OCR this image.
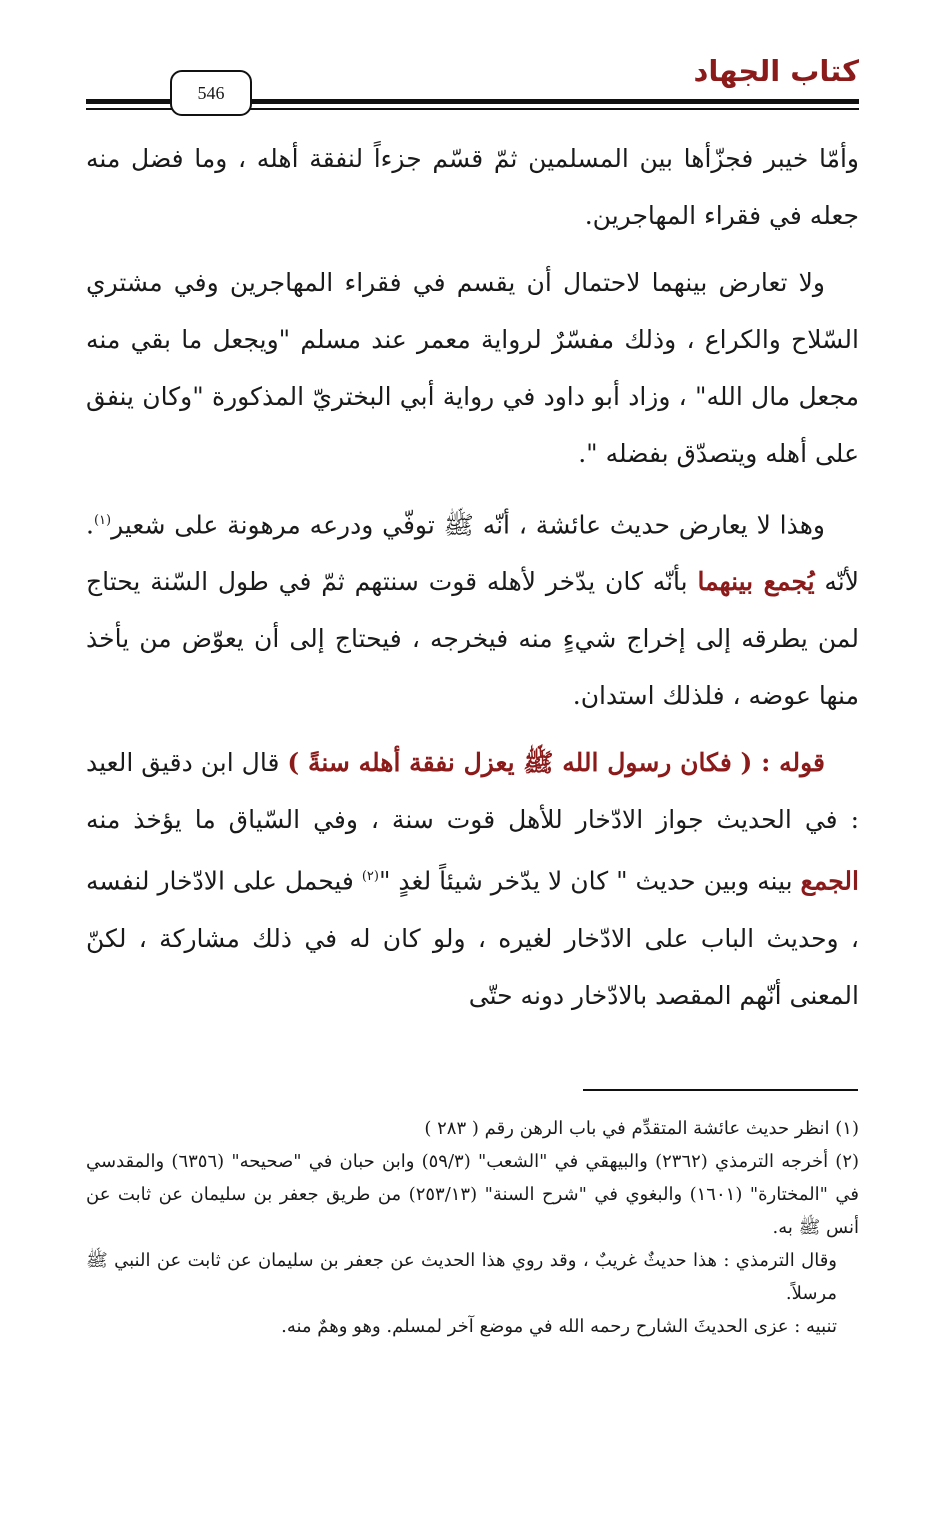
كتاب الجهاد
546

وأمّا خيبر فجزّأها بين المسلمين ثمّ قسّم جزءاً لنفقة أهله ، وما فضل منه جعله في فقراء المهاجرين.

ولا تعارض بينهما لاحتمال أن يقسم في فقراء المهاجرين وفي مشتري السّلاح والكراع ، وذلك مفسّرٌ لرواية معمر عند مسلم "ويجعل ما بقي منه مجعل مال الله" ، وزاد أبو داود في رواية أبي البختريّ المذكورة "وكان ينفق على أهله ويتصدّق بفضله ".

وهذا لا يعارض حديث عائشة ، أنّه ﷺ توفّي ودرعه مرهونة على شعير$^{(١)}$. لأنّه يُجمع بينهما بأنّه كان يدّخر لأهله قوت سنتهم ثمّ في طول السّنة يحتاج لمن يطرقه إلى إخراج شيءٍ منه فيخرجه ، فيحتاج إلى أن يعوّض من يأخذ منها عوضه ، فلذلك استدان.

قوله : ( فكان رسول الله ﷺ يعزل نفقة أهله سنةً ) قال ابن دقيق العيد : في الحديث جواز الادّخار للأهل قوت سنة ، وفي السّياق ما يؤخذ منه الجمع بينه وبين حديث " كان لا يدّخر شيئاً لغدٍ "$^{(٢)}$ فيحمل على الادّخار لنفسه ، وحديث الباب على الادّخار لغيره ، ولو كان له في ذلك مشاركة ، لكنّ المعنى أنّهم المقصد بالادّخار دونه حتّى

(١) انظر حديث عائشة المتقدِّم في باب الرهن رقم ( ٢٨٣ )

(٢) أخرجه الترمذي (٢٣٦٢) والبيهقي في "الشعب" (٥٩/٣) وابن حبان في "صحيحه" (٦٣٥٦) والمقدسي في "المختارة" (١٦٠١) والبغوي في "شرح السنة" (٢٥٣/١٣) من طريق جعفر بن سليمان عن ثابت عن أنس ﷺ به.

وقال الترمذي : هذا حديثٌ غريبٌ ، وقد روي هذا الحديث عن جعفر بن سليمان عن ثابت عن النبي ﷺ مرسلاً.

تنبيه : عزى الحديثَ الشارح رحمه الله في موضع آخر لمسلم. وهو وهمٌ منه.
